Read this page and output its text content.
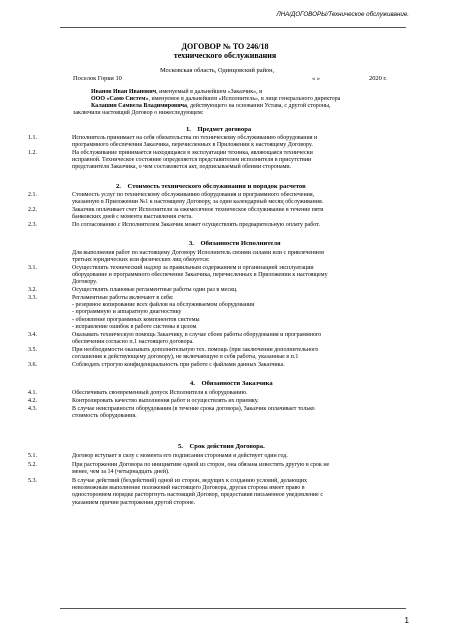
ЛНА/ДОГОВОРЫ/Техническое обслуживание.
ДОГОВОР № ТО 246/18
технического обслуживания
Московская область, Одинцовский район,
Поселок Горки 10	« »	2020 г.
Иванов Иван Иванович, именуемый в дальнейшем «Заказчик», и
ООО «Само Систем», именуемое в дальнейшем «Исполнитель», в лице генерального директора
Калашин Самвела Владимировича, действующего на основании Устава, с другой стороны,
заключили настоящий Договор о нижеследующем:
1. Предмет договора
1.1.	Исполнитель принимает на себя обязательства по техническому обслуживанию оборудования и
программного обеспечения Заказчика, перечисленных в Приложении к настоящему Договору.
1.2.	На обслуживание принимается находящаяся в эксплуатации техника, являющаяся технически
исправной. Техническое состояние определяется представителем исполнителя в присутствии
представителя Заказчика, о чем составляется акт, подписываемый обеими сторонами.
2. Стоимость технического обслуживания и порядок расчетов
2.1.	Стоимость услуг по техническому обслуживанию оборудования и программного обеспечения,
указанную в Приложении №1 к настоящему Договору, за один календарный месяц обслуживания.
2.2.	Заказчик оплачивает счет Исполнителя за ежемесячное техническое обслуживание в течение пяти
банковских дней с момента выставления счета.
2.3.	По согласованию с Исполнителем Заказчик может осуществлять предварительную оплату работ.
3. Обязанности Исполнителя
Для выполнения работ по настоящему Договору Исполнитель своими силами или с привлечением
третьих юридических или физических лиц обязуется:
3.1.	Осуществлять технический надзор за правильным содержанием и организацией эксплуатации
оборудование и программного обеспечение Заказчика, перечисленных в Приложении к настоящему
Договору.
3.2.	Осуществлять плановые регламентные работы один раз в месяц.
3.3.	Регламентные работы включают в себя:
- резервное копирование всех файлов на обслуживаемом оборудовании
- программную и аппаратную диагностику
- обновление программных компонентов системы
- исправление ошибок в работе системы в целом
3.4.	Оказывать техническую помощь Заказчику, в случае сбоев работы оборудования и программного
обеспечения согласно п.1 настоящего договора.
3.5.	При необходимости оказывать дополнительную тех. помощь (при заключении дополнительного
соглашения к действующему договору), не включающую в себя работы, указанные в п.1
3.6.	Соблюдать строгую конфиденциальность при работе с файлами данных Заказчика.
4. Обязанности Заказчика
4.1.	Обеспечивать своевременный допуск Исполнителя к оборудованию.
4.2.	Контролировать качество выполнения работ и осуществлять их приемку.
4.3.	В случае неисправности оборудования (в течение срока договора), Заказчик оплачивает только
стоимость оборудования.
5. Срок действия Договора.
5.1.	Договор вступает в силу с момента его подписания сторонами и действует один год.
5.2.	При расторжении Договора по инициативе одной из сторон, она обязана известить другую в срок не
менее, чем за 14 (четырнадцать дней).
5.3.	В случае действий (бездействий) одной из сторон, ведущих к созданию условий, делающих
невозможным выполнение положений настоящего Договора, другая сторона имеет право в
одностороннем порядке расторгнуть настоящий Договор, предоставив письменное уведомление с
указанием причин расторжения другой стороне.
1
